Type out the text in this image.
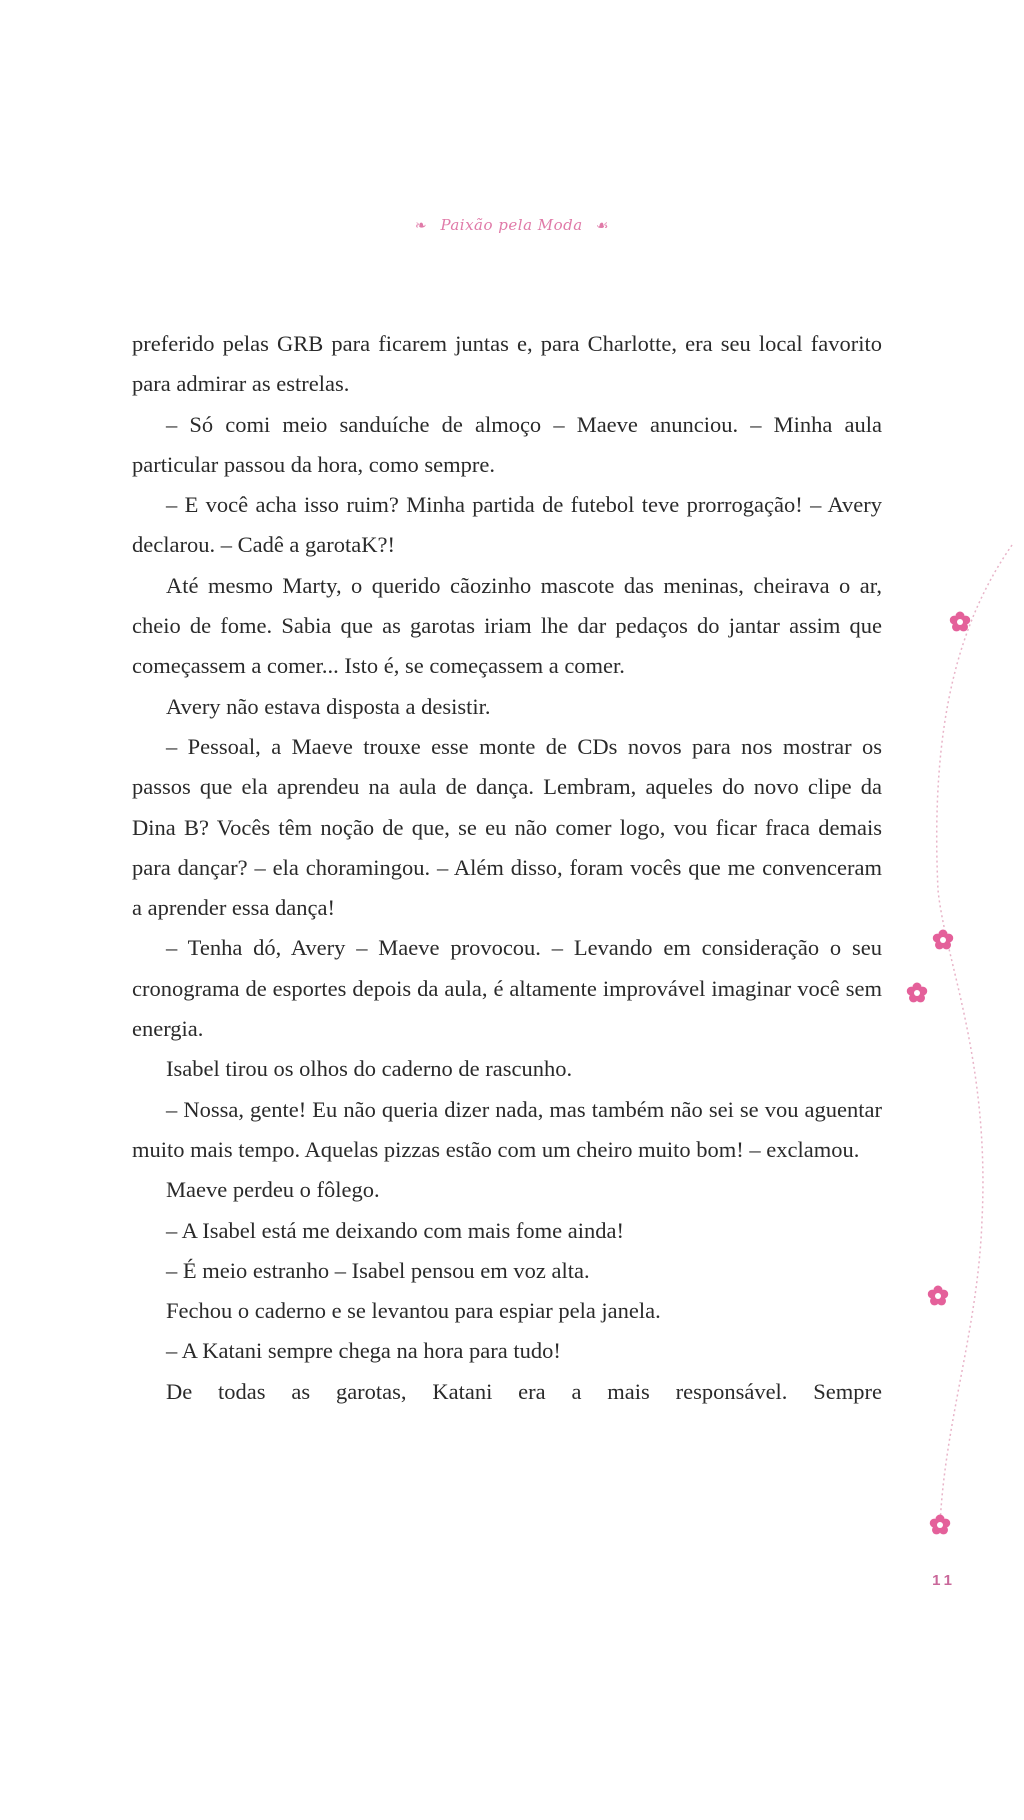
❧ Paixão pela Moda ☙

preferido pelas GRB para ficarem juntas e, para Charlotte, era seu local favorito para admirar as estrelas.

– Só comi meio sanduíche de almoço – Maeve anunciou. – Minha aula particular passou da hora, como sempre.

– E você acha isso ruim? Minha partida de futebol teve prorrogação! – Avery declarou. – Cadê a garotaK?!

Até mesmo Marty, o querido cãozinho mascote das meninas, cheirava o ar, cheio de fome. Sabia que as garotas iriam lhe dar pedaços do jantar assim que começassem a comer... Isto é, se começassem a comer.

Avery não estava disposta a desistir.

– Pessoal, a Maeve trouxe esse monte de CDs novos para nos mostrar os passos que ela aprendeu na aula de dança. Lembram, aqueles do novo clipe da Dina B? Vocês têm noção de que, se eu não comer logo, vou ficar fraca demais para dançar? – ela choramingou. – Além disso, foram vocês que me convenceram a aprender essa dança!

– Tenha dó, Avery – Maeve provocou. – Levando em consideração o seu cronograma de esportes depois da aula, é altamente improvável imaginar você sem energia.

Isabel tirou os olhos do caderno de rascunho.

– Nossa, gente! Eu não queria dizer nada, mas também não sei se vou aguentar muito mais tempo. Aquelas pizzas estão com um cheiro muito bom! – exclamou.

Maeve perdeu o fôlego.

– A Isabel está me deixando com mais fome ainda!

– É meio estranho – Isabel pensou em voz alta.

Fechou o caderno e se levantou para espiar pela janela.

– A Katani sempre chega na hora para tudo!

De todas as garotas, Katani era a mais responsável. Sempre

11
